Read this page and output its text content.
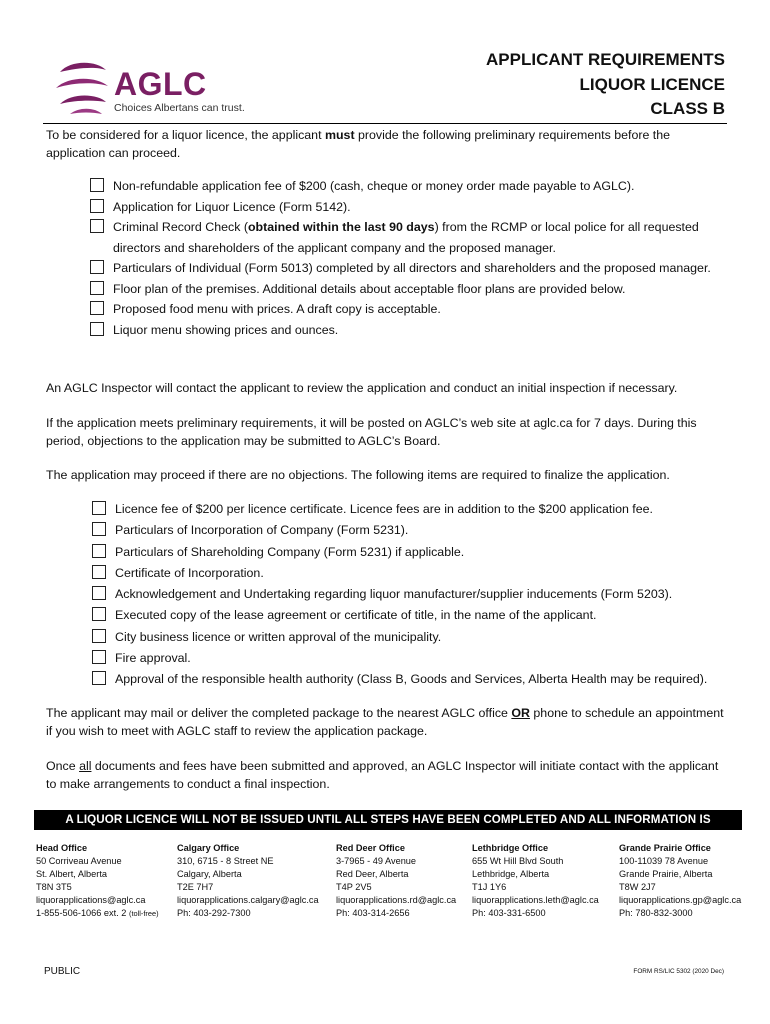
AGLC
Choices Albertans can trust.
APPLICANT REQUIREMENTS
LIQUOR LICENCE
CLASS B
To be considered for a liquor licence, the applicant must provide the following preliminary requirements before the application can proceed.
Non-refundable application fee of $200 (cash, cheque or money order made payable to AGLC).
Application for Liquor Licence (Form 5142).
Criminal Record Check (obtained within the last 90 days) from the RCMP or local police for all requested directors and shareholders of the applicant company and the proposed manager.
Particulars of Individual (Form 5013) completed by all directors and shareholders and the proposed manager.
Floor plan of the premises. Additional details about acceptable floor plans are provided below.
Proposed food menu with prices. A draft copy is acceptable.
Liquor menu showing prices and ounces.
An AGLC Inspector will contact the applicant to review the application and conduct an initial inspection if necessary.
If the application meets preliminary requirements, it will be posted on AGLC’s web site at aglc.ca for 7 days. During this period, objections to the application may be submitted to AGLC’s Board.
The application may proceed if there are no objections. The following items are required to finalize the application.
Licence fee of $200 per licence certificate. Licence fees are in addition to the $200 application fee.
Particulars of Incorporation of Company (Form 5231).
Particulars of Shareholding Company (Form 5231) if applicable.
Certificate of Incorporation.
Acknowledgement and Undertaking regarding liquor manufacturer/supplier inducements (Form 5203).
Executed copy of the lease agreement or certificate of title, in the name of the applicant.
City business licence or written approval of the municipality.
Fire approval.
Approval of the responsible health authority (Class B, Goods and Services, Alberta Health may be required).
The applicant may mail or deliver the completed package to the nearest AGLC office OR phone to schedule an appointment if you wish to meet with AGLC staff to review the application package.
Once all documents and fees have been submitted and approved, an AGLC Inspector will initiate contact with the applicant to make arrangements to conduct a final inspection.
A LIQUOR LICENCE WILL NOT BE ISSUED UNTIL ALL STEPS HAVE BEEN COMPLETED AND ALL INFORMATION IS PROVIDED
Head Office
50 Corriveau Avenue
St. Albert, Alberta
T8N 3T5
liquorapplications@aglc.ca
1-855-506-1066 ext. 2 (toll-free)
Calgary Office
310, 6715 - 8 Street NE
Calgary, Alberta
T2E 7H7
liquorapplications.calgary@aglc.ca
Ph: 403-292-7300
Red Deer Office
3-7965 - 49 Avenue
Red Deer, Alberta
T4P 2V5
liquorapplications.rd@aglc.ca
Ph: 403-314-2656
Lethbridge Office
655 Wt Hill Blvd South
Lethbridge, Alberta
T1J 1Y6
liquorapplications.leth@aglc.ca
Ph: 403-331-6500
Grande Prairie Office
100-11039 78 Avenue
Grande Prairie, Alberta
T8W 2J7
liquorapplications.gp@aglc.ca
Ph: 780-832-3000
PUBLIC	FORM RS/LIC 5302 (2020 Dec)
